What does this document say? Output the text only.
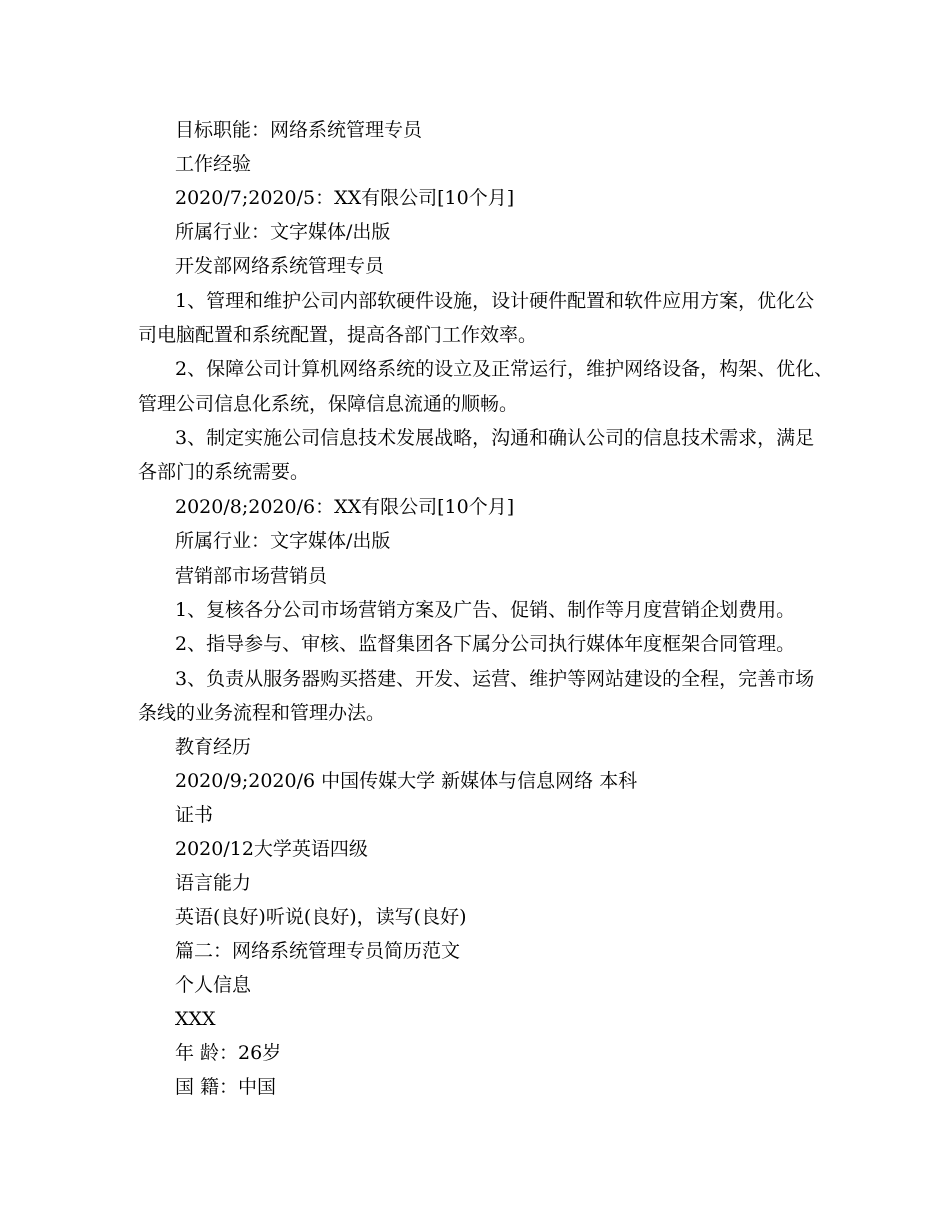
目标职能：网络系统管理专员
工作经验
2020/7;2020/5：XX有限公司[10个月]
所属行业：文字媒体/出版
开发部网络系统管理专员
1、管理和维护公司内部软硬件设施，设计硬件配置和软件应用方案，优化公
司电脑配置和系统配置，提高各部门工作效率。
2、保障公司计算机网络系统的设立及正常运行，维护网络设备，构架、优化、
管理公司信息化系统，保障信息流通的顺畅。
3、制定实施公司信息技术发展战略，沟通和确认公司的信息技术需求，满足
各部门的系统需要。
2020/8;2020/6：XX有限公司[10个月]
所属行业：文字媒体/出版
营销部市场营销员
1、复核各分公司市场营销方案及广告、促销、制作等月度营销企划费用。
2、指导参与、审核、监督集团各下属分公司执行媒体年度框架合同管理。
3、负责从服务器购买搭建、开发、运营、维护等网站建设的全程，完善市场
条线的业务流程和管理办法。
教育经历
2020/9;2020/6 中国传媒大学 新媒体与信息网络 本科
证书
2020/12大学英语四级
语言能力
英语(良好)听说(良好)，读写(良好)
篇二：网络系统管理专员简历范文
个人信息
XXX
年 龄：26岁
国 籍：中国
